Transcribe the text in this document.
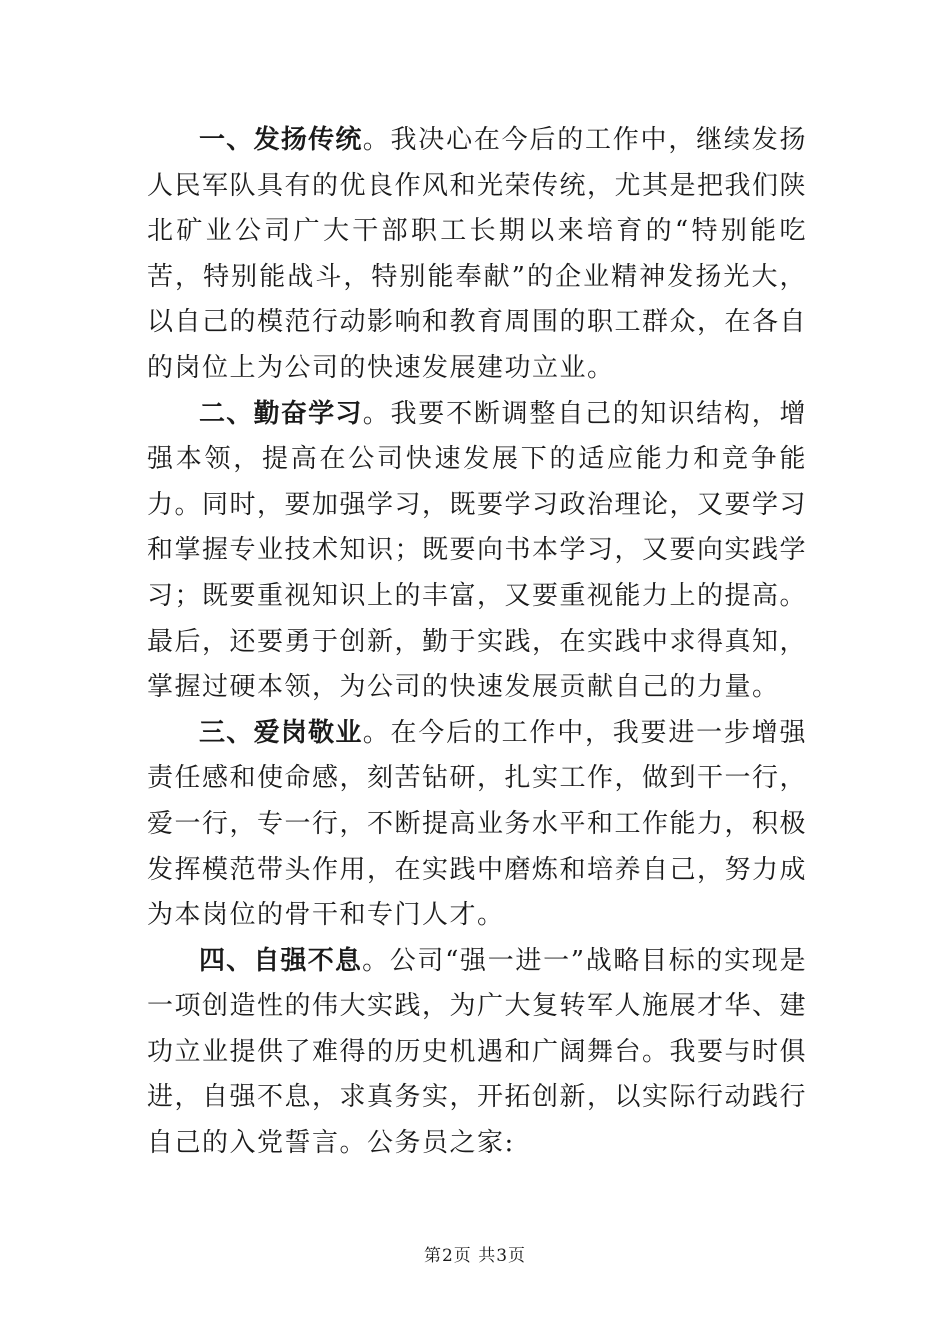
一、发扬传统。我决心在今后的工作中，继续发扬人民军队具有的优良作风和光荣传统，尤其是把我们陕北矿业公司广大干部职工长期以来培育的“特别能吃苦，特别能战斗，特别能奉献”的企业精神发扬光大，以自己的模范行动影响和教育周围的职工群众，在各自的岗位上为公司的快速发展建功立业。

二、勤奋学习。我要不断调整自己的知识结构，增强本领，提高在公司快速发展下的适应能力和竞争能力。同时，要加强学习，既要学习政治理论，又要学习和掌握专业技术知识；既要向书本学习，又要向实践学习；既要重视知识上的丰富，又要重视能力上的提高。最后，还要勇于创新，勤于实践，在实践中求得真知，掌握过硬本领，为公司的快速发展贡献自己的力量。

三、爱岗敬业。在今后的工作中，我要进一步增强责任感和使命感，刻苦钻研，扎实工作，做到干一行，爱一行，专一行，不断提高业务水平和工作能力，积极发挥模范带头作用，在实践中磨炼和培养自己，努力成为本岗位的骨干和专门人才。

四、自强不息。公司“强一进一”战略目标的实现是一项创造性的伟大实践，为广大复转军人施展才华、建功立业提供了难得的历史机遇和广阔舞台。我要与时俱进，自强不息，求真务实，开拓创新，以实际行动践行自己的入党誓言。公务员之家:

第2页 共3页
